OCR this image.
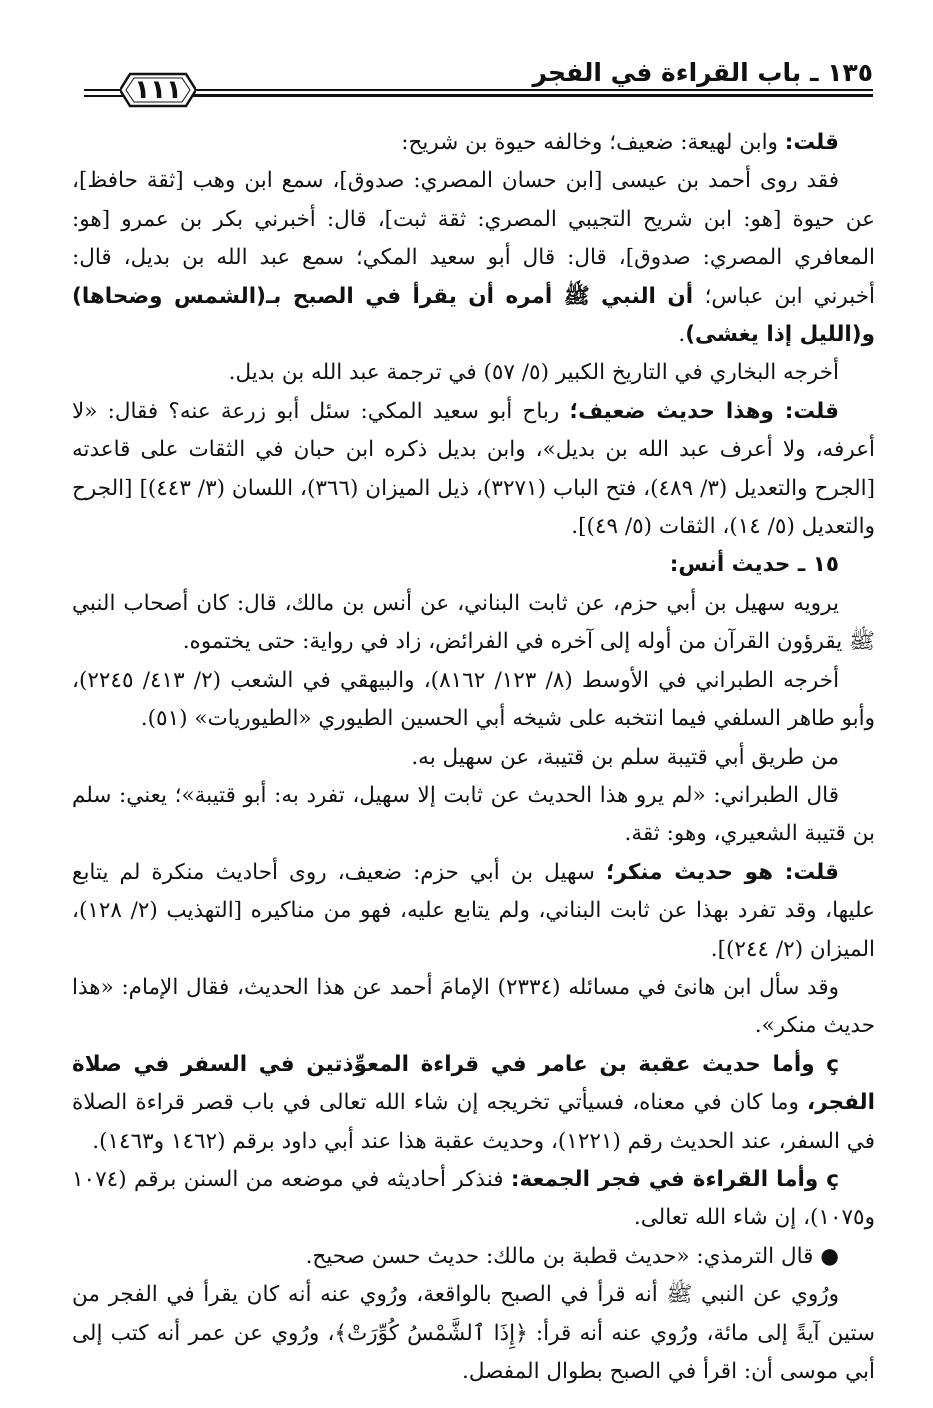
١١١
١٣٥ ـ باب القراءة في الفجر

قلت: وابن لهيعة: ضعيف؛ وخالفه حيوة بن شريح:

فقد روى أحمد بن عيسى [ابن حسان المصري: صدوق]، سمع ابن وهب [ثقة حافظ]، عن حيوة [هو: ابن شريح التجيبي المصري: ثقة ثبت]، قال: أخبرني بكر بن عمرو [هو: المعافري المصري: صدوق]، قال: قال أبو سعيد المكي؛ سمع عبد الله بن بديل، قال: أخبرني ابن عباس؛ أن النبي ﷺ أمره أن يقرأ في الصبح بـ(الشمس وضحاها) و(الليل إذا يغشى).

أخرجه البخاري في التاريخ الكبير (٥/ ٥٧) في ترجمة عبد الله بن بديل.

قلت: وهذا حديث ضعيف؛ رباح أبو سعيد المكي: سئل أبو زرعة عنه؟ فقال: «لا أعرفه، ولا أعرف عبد الله بن بديل»، وابن بديل ذكره ابن حبان في الثقات على قاعدته [الجرح والتعديل (٣/ ٤٨٩)، فتح الباب (٣٢٧١)، ذيل الميزان (٣٦٦)، اللسان (٣/ ٤٤٣)] [الجرح والتعديل (٥/ ١٤)، الثقات (٥/ ٤٩)].

١٥ ـ حديث أنس:

يرويه سهيل بن أبي حزم، عن ثابت البناني، عن أنس بن مالك، قال: كان أصحاب النبي ﷺ يقرؤون القرآن من أوله إلى آخره في الفرائض، زاد في رواية: حتى يختموه.

أخرجه الطبراني في الأوسط (٨/ ١٢٣/ ٨١٦٢)، والبيهقي في الشعب (٢/ ٤١٣/ ٢٢٤٥)، وأبو طاهر السلفي فيما انتخبه على شيخه أبي الحسين الطيوري «الطيوريات» (٥١).

من طريق أبي قتيبة سلم بن قتيبة، عن سهيل به.

قال الطبراني: «لم يرو هذا الحديث عن ثابت إلا سهيل، تفرد به: أبو قتيبة»؛ يعني: سلم بن قتيبة الشعيري، وهو: ثقة.

قلت: هو حديث منكر؛ سهيل بن أبي حزم: ضعيف، روى أحاديث منكرة لم يتابع عليها، وقد تفرد بهذا عن ثابت البناني، ولم يتابع عليه، فهو من مناكيره [التهذيب (٢/ ١٢٨)، الميزان (٢/ ٢٤٤)].

وقد سأل ابن هانئ في مسائله (٢٣٣٤) الإمامَ أحمد عن هذا الحديث، فقال الإمام: «هذا حديث منكر».

ç وأما حديث عقبة بن عامر في قراءة المعوِّذتين في السفر في صلاة الفجر، وما كان في معناه، فسيأتي تخريجه إن شاء الله تعالى في باب قصر قراءة الصلاة في السفر، عند الحديث رقم (١٢٢١)، وحديث عقبة هذا عند أبي داود برقم (١٤٦٢ و١٤٦٣).

ç وأما القراءة في فجر الجمعة: فنذكر أحاديثه في موضعه من السنن برقم (١٠٧٤ و١٠٧٥)، إن شاء الله تعالى.

● قال الترمذي: «حديث قطبة بن مالك: حديث حسن صحيح.

ورُوي عن النبي ﷺ أنه قرأ في الصبح بالواقعة، ورُوي عنه أنه كان يقرأ في الفجر من ستين آيةً إلى مائة، ورُوي عنه أنه قرأ: ﴿إِذَا ٱلشَّمْسُ كُوِّرَتْ﴾، ورُوي عن عمر أنه كتب إلى أبي موسى أن: اقرأ في الصبح بطوال المفصل.
